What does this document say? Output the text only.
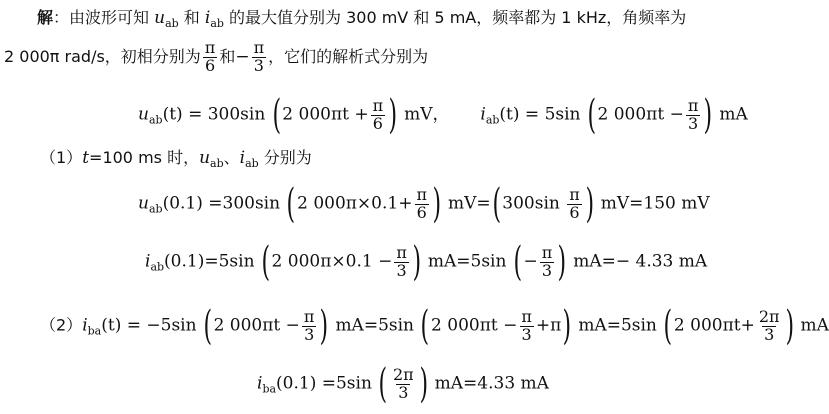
解：由波形可知 $u_{ab}$ 和 $i_{ab}$ 的最大值分别为 300 mV 和 5 mA，频率都为 1 kHz，角频率为
2 000π rad/s，初相分别为 $\frac{\pi}{6}$ 和− $\frac{\pi}{3}$ ，它们的解析式分别为
$u_{ab}(t) = 300\sin$ (2 $000\pi t + \frac{\pi}{6}$ ) mV， $i_{ab}(t) = 5\sin$ (2 $000\pi t - \frac{\pi}{3}$ ) mA
（1）t=100 ms 时，$u_{ab}$、$i_{ab}$ 分别为
$u_{ab}(0.1) =300\sin$ (2 $000\pi\times 0.1+ \frac{\pi}{6}$ ) $mV=(300\sin \frac{\pi}{6}$ ) mV=150 mV
$i_{ab}(0.1)=5\sin$ (2 $000\pi\times 0.1 - \frac{\pi}{3}$ ) mA=5sin (− $\frac{\pi}{3}$ ) mA=− 4.33 mA
$(2)i_{ba}(t) = -5\sin$ (2 $000\pi t - \frac{\pi}{3}$ ) mA=5sin (2 $000\pi t - \frac{\pi}{3} +\pi$) mA=5sin (2 $000\pi t+ \frac{2\pi}{3}$ ) mA
$i_{ba}(0.1) =5\sin$ ( $\frac{2\pi}{3}$ ) mA=4.33 mA
